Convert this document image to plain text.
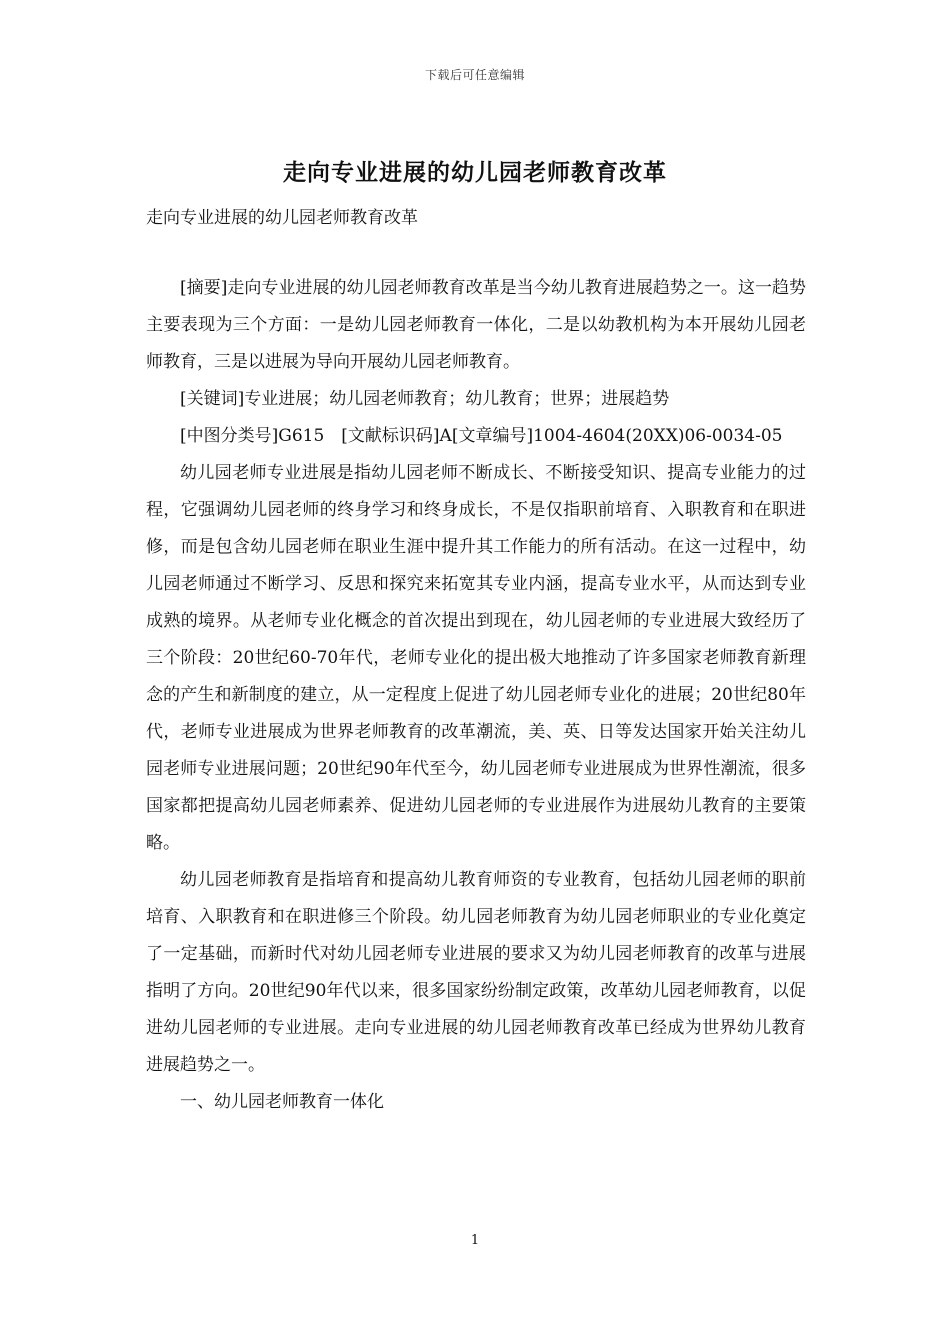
下载后可任意编辑
走向专业进展的幼儿园老师教育改革
走向专业进展的幼儿园老师教育改革

[摘要]走向专业进展的幼儿园老师教育改革是当今幼儿教育进展趋势之一。这一趋势主要表现为三个方面：一是幼儿园老师教育一体化，二是以幼教机构为本开展幼儿园老师教育，三是以进展为导向开展幼儿园老师教育。

[关键词]专业进展；幼儿园老师教育；幼儿教育；世界；进展趋势

[中图分类号]G615　[文献标识码]A[文章编号]1004-4604(20XX)06-0034-05

幼儿园老师专业进展是指幼儿园老师不断成长、不断接受知识、提高专业能力的过程，它强调幼儿园老师的终身学习和终身成长，不是仅指职前培育、入职教育和在职进修，而是包含幼儿园老师在职业生涯中提升其工作能力的所有活动。在这一过程中，幼儿园老师通过不断学习、反思和探究来拓宽其专业内涵，提高专业水平，从而达到专业成熟的境界。从老师专业化概念的首次提出到现在，幼儿园老师的专业进展大致经历了三个阶段：20世纪60-70年代，老师专业化的提出极大地推动了许多国家老师教育新理念的产生和新制度的建立，从一定程度上促进了幼儿园老师专业化的进展；20世纪80年代，老师专业进展成为世界老师教育的改革潮流，美、英、日等发达国家开始关注幼儿园老师专业进展问题；20世纪90年代至今，幼儿园老师专业进展成为世界性潮流，很多国家都把提高幼儿园老师素养、促进幼儿园老师的专业进展作为进展幼儿教育的主要策略。

幼儿园老师教育是指培育和提高幼儿教育师资的专业教育，包括幼儿园老师的职前培育、入职教育和在职进修三个阶段。幼儿园老师教育为幼儿园老师职业的专业化奠定了一定基础，而新时代对幼儿园老师专业进展的要求又为幼儿园老师教育的改革与进展指明了方向。20世纪90年代以来，很多国家纷纷制定政策，改革幼儿园老师教育，以促进幼儿园老师的专业进展。走向专业进展的幼儿园老师教育改革已经成为世界幼儿教育进展趋势之一。

一、幼儿园老师教育一体化

1
